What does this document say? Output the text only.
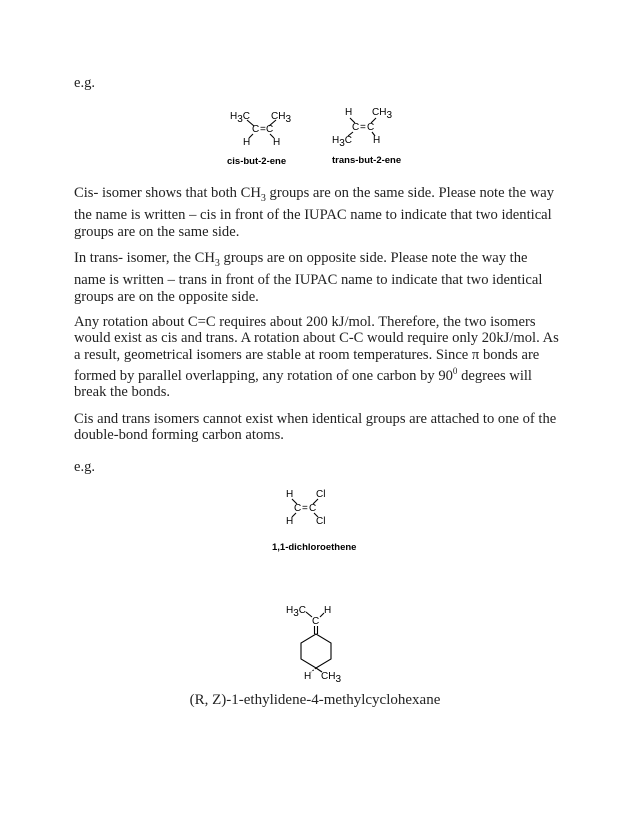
e.g.
H3C CH3
C = C
H H
cis-but-2-ene
H CH3
C = C
H3C H
trans-but-2-ene
Cis- isomer shows that both $CH_3$ groups are on the same side. Please note the way the name is written – cis in front of the IUPAC name to indicate that two identical groups are on the same side.
In trans- isomer, the $CH_3$ groups are on opposite side. Please note the way the name is written – trans in front of the IUPAC name to indicate that two identical groups are on the opposite side.
Any rotation about C=C requires about 200 kJ/mol. Therefore, the two isomers would exist as cis and trans. A rotation about C-C would require only 20kJ/mol. As a result, geometrical isomers are stable at room temperatures. Since π bonds are formed by parallel overlapping, any rotation of one carbon by $90^0$ degrees will break the bonds.
Cis and trans isomers cannot exist when identical groups are attached to one of the double-bond forming carbon atoms.
e.g.
H Cl
C = C
H Cl
1,1-dichloroethene
H3C
C
H
H CH3
(R, Z)-1-ethylidene-4-methylcyclohexane
